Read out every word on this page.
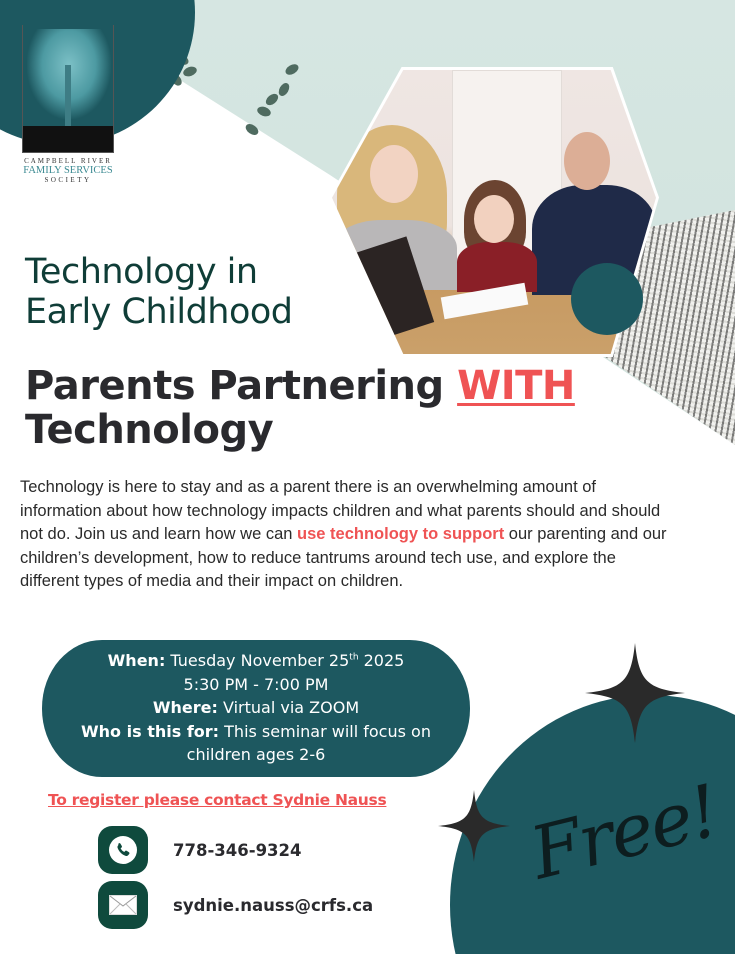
CAMPBELL RIVER
FAMILY SERVICES
SOCIETY
Technology in
Early Childhood
Parents Partnering WITH
Technology

Technology is here to stay and as a parent there is an overwhelming amount of information about how technology impacts children and what parents should and should not do. Join us and learn how we can use technology to support our parenting and our children’s development, how to reduce tantrums around tech use, and explore the different types of media and their impact on children.

When: Tuesday November 25th 2025
5:30 PM - 7:00 PM
Where: Virtual via ZOOM
Who is this for: This seminar will focus on children ages 2-6
To register please contact Sydnie Nauss
778-346-9324
sydnie.nauss@crfs.ca
Free!
